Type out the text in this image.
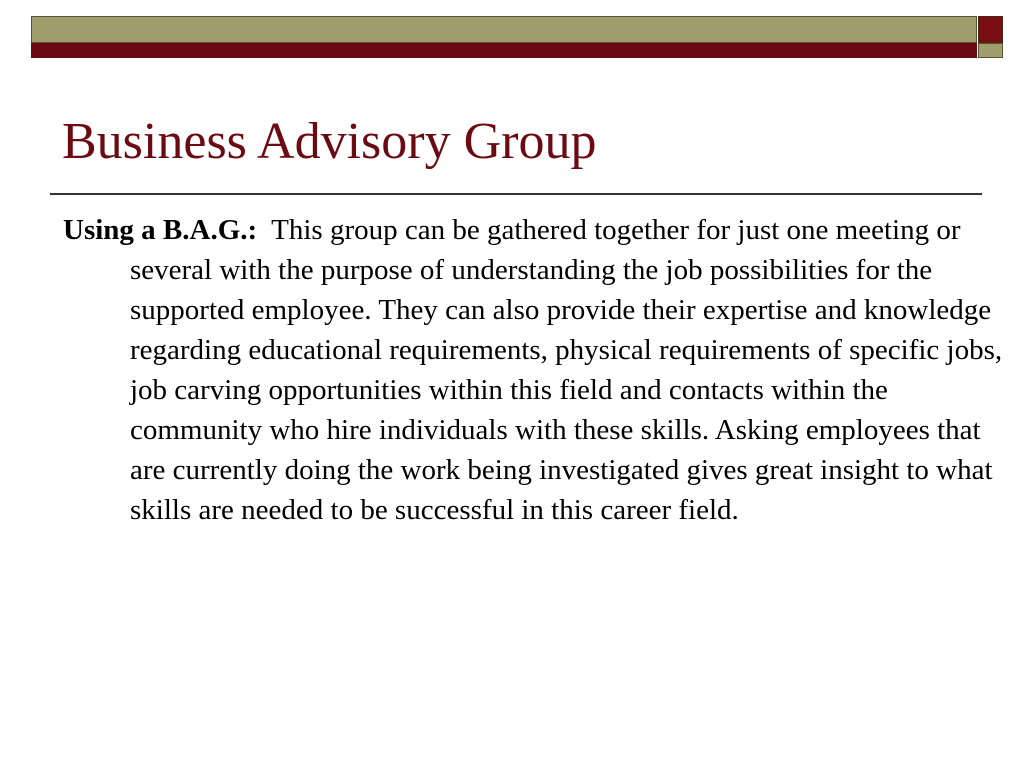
Business Advisory Group

Using a B.A.G.: This group can be gathered together for just one meeting or several with the purpose of understanding the job possibilities for the supported employee. They can also provide their expertise and knowledge regarding educational requirements, physical requirements of specific jobs, job carving opportunities within this field and contacts within the community who hire individuals with these skills. Asking employees that are currently doing the work being investigated gives great insight to what skills are needed to be successful in this career field.
